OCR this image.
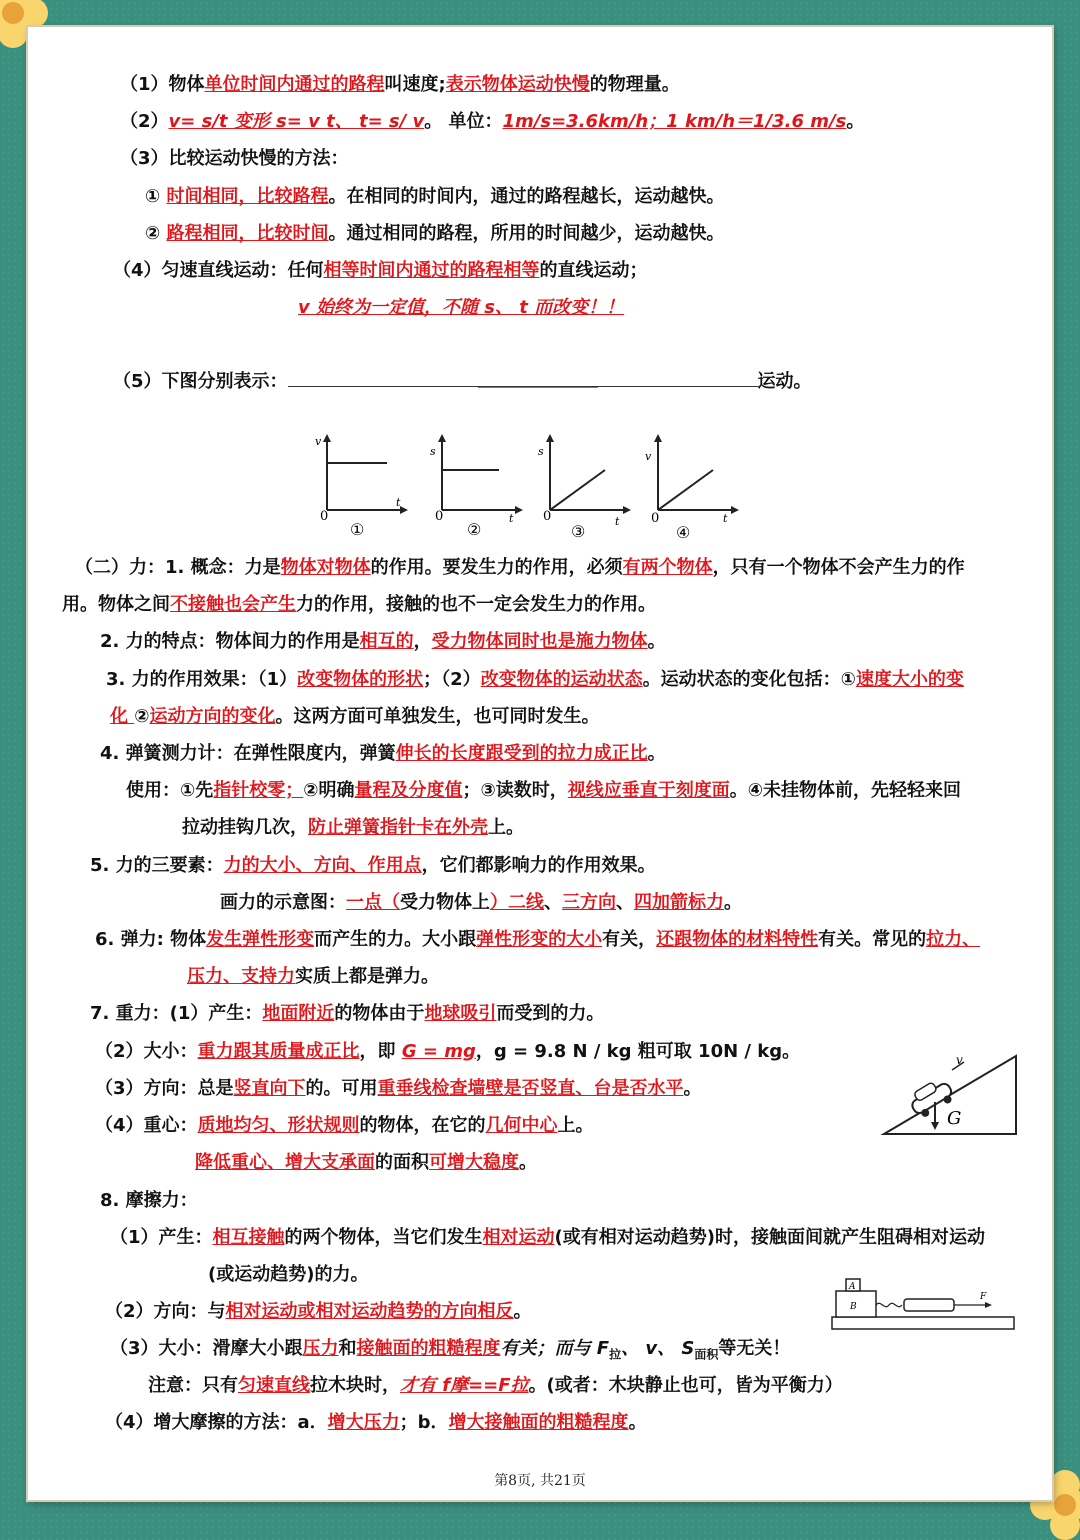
（1）物体单位时间内通过的路程叫速度;表示物体运动快慢的物理量。
（2）v= s/t 变形 s= v t、 t= s/ v。 单位：1m/s=3.6km/h；1 km/h＝1/3.6 m/s。
（3）比较运动快慢的方法：
① 时间相同，比较路程。在相同的时间内，通过的路程越长，运动越快。
② 路程相同，比较时间。通过相同的路程，所用的时间越少，运动越快。
（4）匀速直线运动：任何相等时间内通过的路程相等的直线运动；
v 始终为一定值，不随 s、 t 而改变！！
（5）下图分别表示：	运动。
v
0
t
①
s
0	t
②
s
0	t
③
v
0	t
④
（二）力：1. 概念：力是物体对物体的作用。要发生力的作用，必须有两个物体，只有一个物体不会产生力的作
用。物体之间不接触也会产生力的作用，接触的也不一定会发生力的作用。
2. 力的特点：物体间力的作用是相互的，受力物体同时也是施力物体。
3. 力的作用效果：（1）改变物体的形状；（2）改变物体的运动状态。运动状态的变化包括：①速度大小的变
化 ②运动方向的变化。这两方面可单独发生，也可同时发生。
4. 弹簧测力计：在弹性限度内，弹簧伸长的长度跟受到的拉力成正比。
使用：①先指针校零；②明确量程及分度值；③读数时，视线应垂直于刻度面。④未挂物体前，先轻轻来回
拉动挂钩几次，防止弹簧指针卡在外壳上。
5. 力的三要素：力的大小、方向、作用点，它们都影响力的作用效果。
画力的示意图：一点（受力物体上）二线、三方向、四加箭标力。
6. 弹力: 物体发生弹性形变而产生的力。大小跟弹性形变的大小有关，还跟物体的材料特性有关。常见的拉力、
压力、支持力实质上都是弹力。
7. 重力：(1）产生：地面附近的物体由于地球吸引而受到的力。
（2）大小：重力跟其质量成正比，即 G = mg，g = 9.8 N / kg 粗可取 10N / kg。
（3）方向：总是竖直向下的。可用重垂线检查墙壁是否竖直、台是否水平。
（4）重心：质地均匀、形状规则的物体，在它的几何中心上。
降低重心、增大支承面的面积可增大稳度。
v
G
8. 摩擦力：
（1）产生：相互接触的两个物体，当它们发生相对运动(或有相对运动趋势)时，接触面间就产生阻碍相对运动
(或运动趋势)的力。
（2）方向：与相对运动或相对运动趋势的方向相反。
（3）大小：滑摩大小跟压力和接触面的粗糙程度有关；而与 $F_拉$、 v、 $S_{面积}$等无关！
注意：只有匀速直线拉木块时，才有 f摩==F拉。(或者：木块静止也可，皆为平衡力）
（4）增大摩擦的方法：a．增大压力；b．增大接触面的粗糙程度。
A
B
F
第8页, 共21页
